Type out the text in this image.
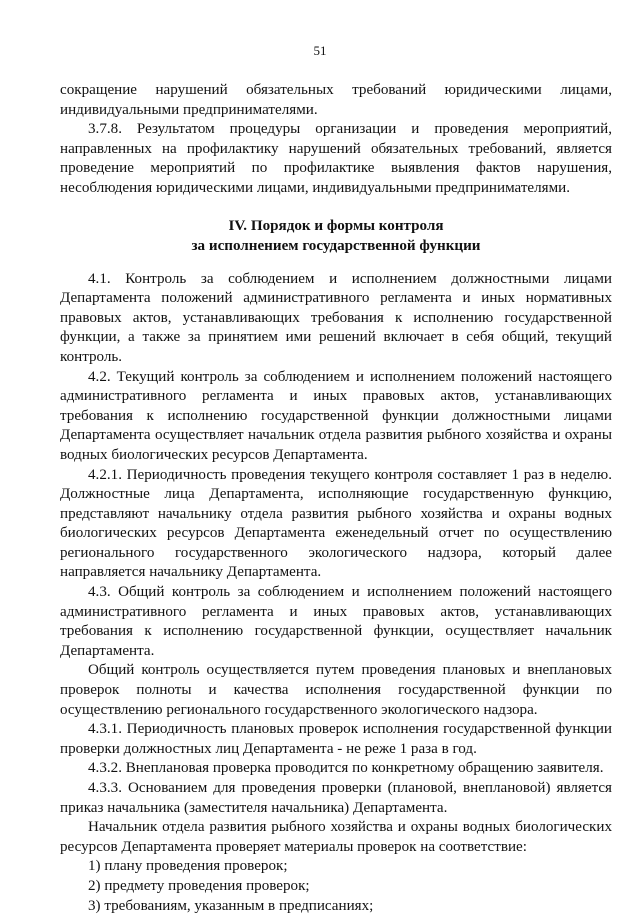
51

сокращение нарушений обязательных требований юридическими лицами, индивидуальными предпринимателями.

3.7.8. Результатом процедуры организации и проведения мероприятий, направленных на профилактику нарушений обязательных требований, является проведение мероприятий по профилактике выявления фактов нарушения, несоблюдения юридическими лицами, индивидуальными предпринимателями.

IV. Порядок и формы контроля
за исполнением государственной функции

4.1. Контроль за соблюдением и исполнением должностными лицами Департамента положений административного регламента и иных нормативных правовых актов, устанавливающих требования к исполнению государственной функции, а также за принятием ими решений включает в себя общий, текущий контроль.

4.2. Текущий контроль за соблюдением и исполнением положений настоящего административного регламента и иных правовых актов, устанавливающих требования к исполнению государственной функции должностными лицами Департамента осуществляет начальник отдела развития рыбного хозяйства и охраны водных биологических ресурсов Департамента.

4.2.1. Периодичность проведения текущего контроля составляет 1 раз в неделю. Должностные лица Департамента, исполняющие государственную функцию, представляют начальнику отдела развития рыбного хозяйства и охраны водных биологических ресурсов Департамента еженедельный отчет по осуществлению регионального государственного экологического надзора, который далее направляется начальнику Департамента.

4.3. Общий контроль за соблюдением и исполнением положений настоящего административного регламента и иных правовых актов, устанавливающих требования к исполнению государственной функции, осуществляет начальник Департамента.

Общий контроль осуществляется путем проведения плановых и внеплановых проверок полноты и качества исполнения государственной функции по осуществлению регионального государственного экологического надзора.

4.3.1. Периодичность плановых проверок исполнения государственной функции проверки должностных лиц Департамента - не реже 1 раза в год.

4.3.2. Внеплановая проверка проводится по конкретному обращению заявителя.

4.3.3. Основанием для проведения проверки (плановой, внеплановой) является приказ начальника (заместителя начальника) Департамента.

Начальник отдела развития рыбного хозяйства и охраны водных биологических ресурсов Департамента проверяет материалы проверок на соответствие:

1) плану проведения проверок;

2) предмету проведения проверок;

3) требованиям, указанным в предписаниях;
